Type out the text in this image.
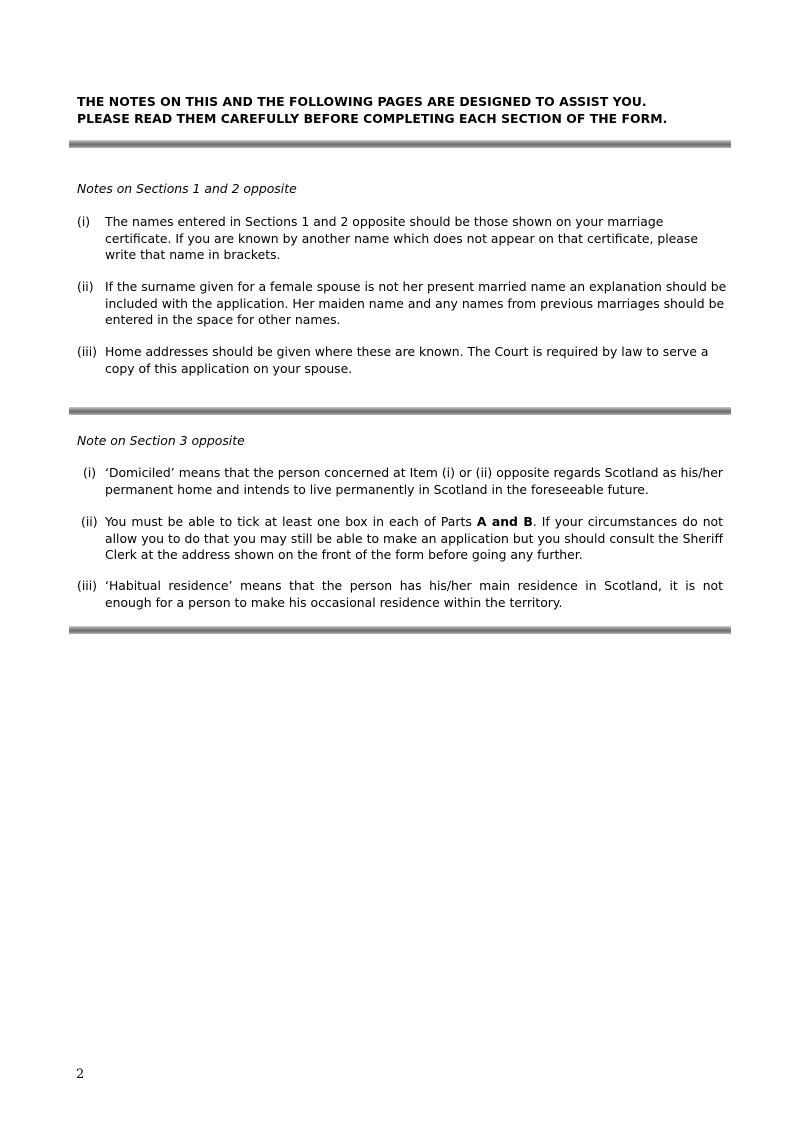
THE NOTES ON THIS AND THE FOLLOWING PAGES ARE DESIGNED TO ASSIST YOU.
PLEASE READ THEM CAREFULLY BEFORE COMPLETING EACH SECTION OF THE FORM.
Notes on Sections 1 and 2 opposite
(i) The names entered in Sections 1 and 2 opposite should be those shown on your marriage certificate. If you are known by another name which does not appear on that certificate, please write that name in brackets.
(ii) If the surname given for a female spouse is not her present married name an explanation should be included with the application. Her maiden name and any names from previous marriages should be entered in the space for other names.
(iii) Home addresses should be given where these are known. The Court is required by law to serve a copy of this application on your spouse.
Note on Section 3 opposite
(i) ‘Domiciled’ means that the person concerned at Item (i) or (ii) opposite regards Scotland as his/her permanent home and intends to live permanently in Scotland in the foreseeable future.
(ii) You must be able to tick at least one box in each of Parts A and B. If your circumstances do not allow you to do that you may still be able to make an application but you should consult the Sheriff Clerk at the address shown on the front of the form before going any further.
(iii) ‘Habitual residence’ means that the person has his/her main residence in Scotland, it is not enough for a person to make his occasional residence within the territory.
2
